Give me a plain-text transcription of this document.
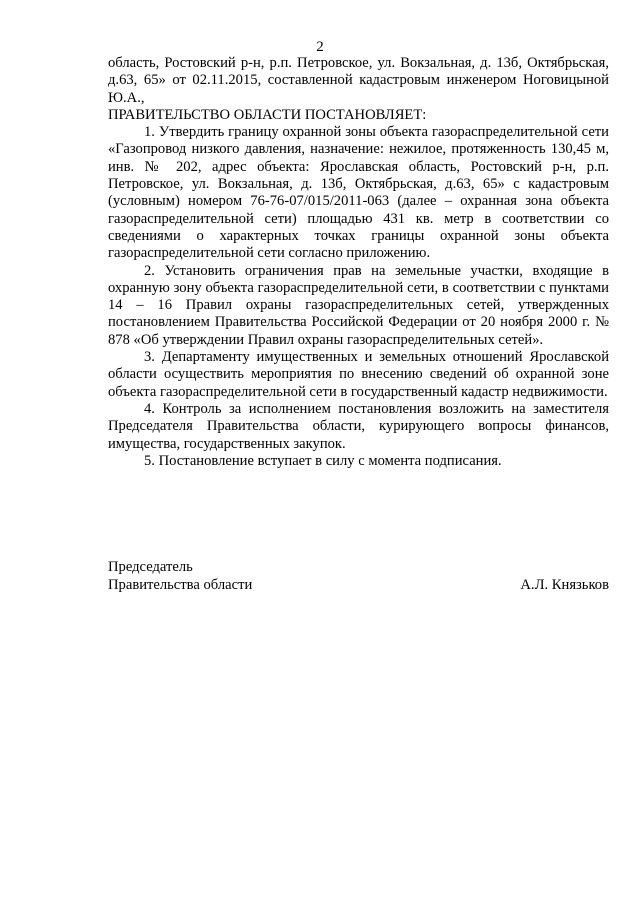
2

область, Ростовский р-н, р.п. Петровское, ул. Вокзальная, д. 13б, Октябрьская, д.63, 65» от 02.11.2015, составленной кадастровым инженером Ноговицыной Ю.А.,

ПРАВИТЕЛЬСТВО ОБЛАСТИ ПОСТАНОВЛЯЕТ:

1. Утвердить границу охранной зоны объекта газораспределительной сети «Газопровод низкого давления, назначение: нежилое, протяженность 130,45 м, инв. № 202, адрес объекта: Ярославская область, Ростовский р-н, р.п. Петровское, ул. Вокзальная, д. 13б, Октябрьская, д.63, 65» с кадастровым (условным) номером 76-76-07/015/2011-063 (далее – охранная зона объекта газораспределительной сети) площадью 431 кв. метр в соответствии со сведениями о характерных точках границы охранной зоны объекта газораспределительной сети согласно приложению.

2. Установить ограничения прав на земельные участки, входящие в охранную зону объекта газораспределительной сети, в соответствии с пунктами 14 – 16 Правил охраны газораспределительных сетей, утвержденных постановлением Правительства Российской Федерации от 20 ноября 2000 г. № 878 «Об утверждении Правил охраны газораспределительных сетей».

3. Департаменту имущественных и земельных отношений Ярославской области осуществить мероприятия по внесению сведений об охранной зоне объекта газораспределительной сети в государственный кадастр недвижимости.

4. Контроль за исполнением постановления возложить на заместителя Председателя Правительства области, курирующего вопросы финансов, имущества, государственных закупок.

5. Постановление вступает в силу с момента подписания.

Председатель
Правительства области	А.Л. Князьков
